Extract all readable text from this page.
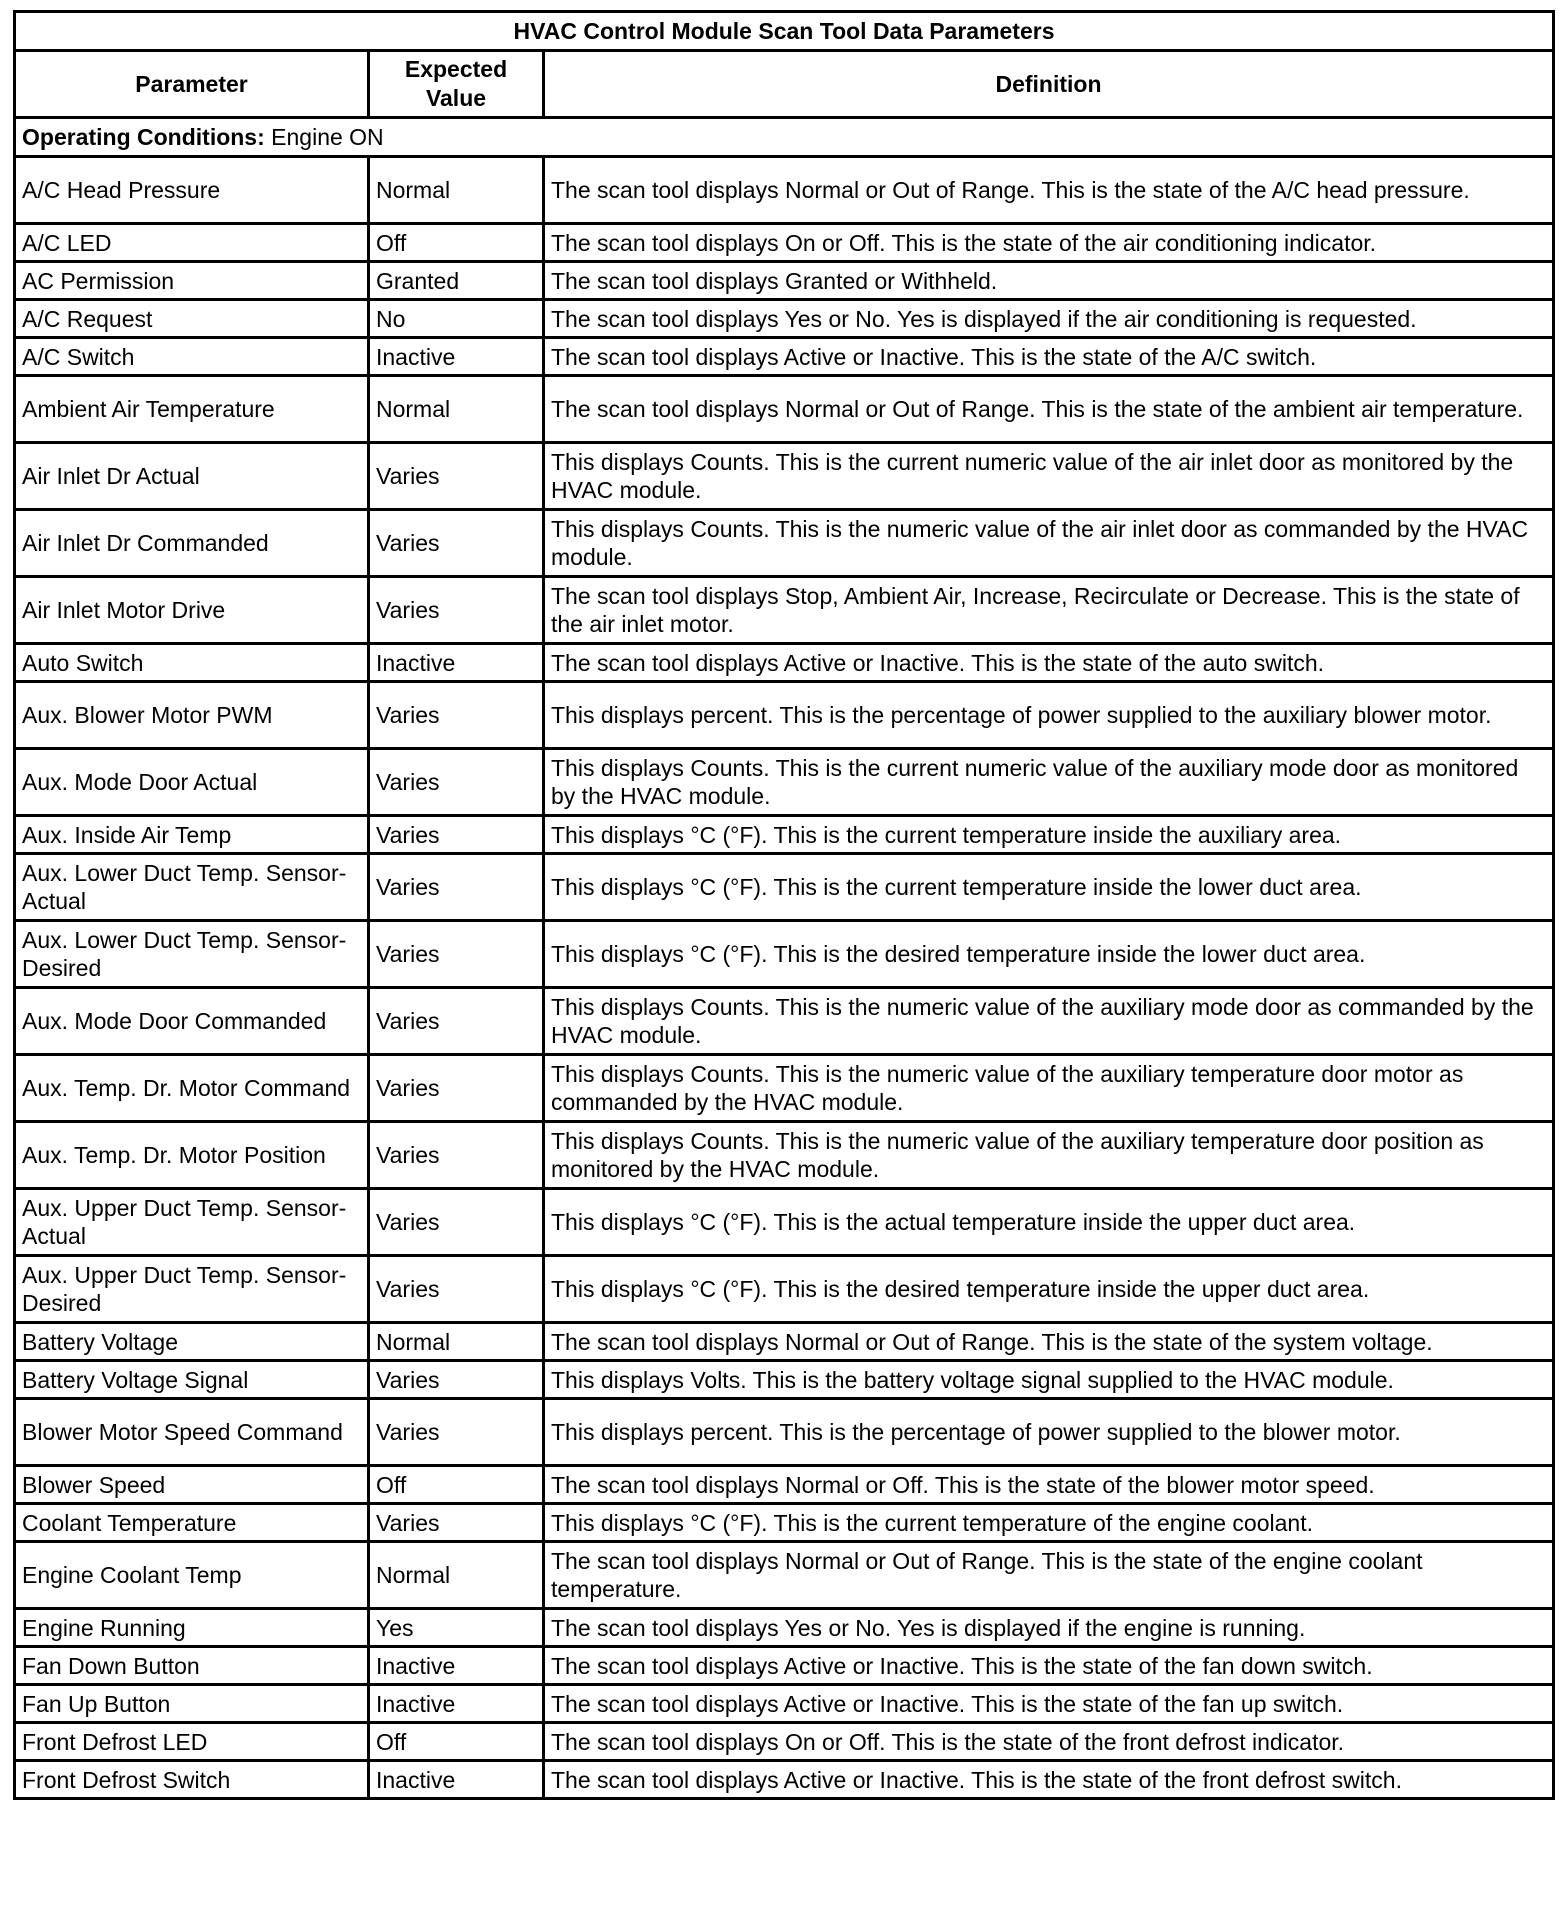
HVAC Control Module Scan Tool Data Parameters		
Parameter	Expected Value	Definition
Operating Conditions: Engine ON		
A/C Head Pressure	Normal	The scan tool displays Normal or Out of Range. This is the state of the A/C head pressure.
A/C LED	Off	The scan tool displays On or Off. This is the state of the air conditioning indicator.
AC Permission	Granted	The scan tool displays Granted or Withheld.
A/C Request	No	The scan tool displays Yes or No. Yes is displayed if the air conditioning is requested.
A/C Switch	Inactive	The scan tool displays Active or Inactive. This is the state of the A/C switch.
Ambient Air Temperature	Normal	The scan tool displays Normal or Out of Range. This is the state of the ambient air temperature.
Air Inlet Dr Actual	Varies	This displays Counts. This is the current numeric value of the air inlet door as monitored by the HVAC module.
Air Inlet Dr Commanded	Varies	This displays Counts. This is the numeric value of the air inlet door as commanded by the HVAC module.
Air Inlet Motor Drive	Varies	The scan tool displays Stop, Ambient Air, Increase, Recirculate or Decrease. This is the state of the air inlet motor.
Auto Switch	Inactive	The scan tool displays Active or Inactive. This is the state of the auto switch.
Aux. Blower Motor PWM	Varies	This displays percent. This is the percentage of power supplied to the auxiliary blower motor.
Aux. Mode Door Actual	Varies	This displays Counts. This is the current numeric value of the auxiliary mode door as monitored by the HVAC module.
Aux. Inside Air Temp	Varies	This displays °C (°F). This is the current temperature inside the auxiliary area.
Aux. Lower Duct Temp. Sensor-Actual	Varies	This displays °C (°F). This is the current temperature inside the lower duct area.
Aux. Lower Duct Temp. Sensor-Desired	Varies	This displays °C (°F). This is the desired temperature inside the lower duct area.
Aux. Mode Door Commanded	Varies	This displays Counts. This is the numeric value of the auxiliary mode door as commanded by the HVAC module.
Aux. Temp. Dr. Motor Command	Varies	This displays Counts. This is the numeric value of the auxiliary temperature door motor as commanded by the HVAC module.
Aux. Temp. Dr. Motor Position	Varies	This displays Counts. This is the numeric value of the auxiliary temperature door position as monitored by the HVAC module.
Aux. Upper Duct Temp. Sensor-Actual	Varies	This displays °C (°F). This is the actual temperature inside the upper duct area.
Aux. Upper Duct Temp. Sensor-Desired	Varies	This displays °C (°F). This is the desired temperature inside the upper duct area.
Battery Voltage	Normal	The scan tool displays Normal or Out of Range. This is the state of the system voltage.
Battery Voltage Signal	Varies	This displays Volts. This is the battery voltage signal supplied to the HVAC module.
Blower Motor Speed Command	Varies	This displays percent. This is the percentage of power supplied to the blower motor.
Blower Speed	Off	The scan tool displays Normal or Off. This is the state of the blower motor speed.
Coolant Temperature	Varies	This displays °C (°F). This is the current temperature of the engine coolant.
Engine Coolant Temp	Normal	The scan tool displays Normal or Out of Range. This is the state of the engine coolant temperature.
Engine Running	Yes	The scan tool displays Yes or No. Yes is displayed if the engine is running.
Fan Down Button	Inactive	The scan tool displays Active or Inactive. This is the state of the fan down switch.
Fan Up Button	Inactive	The scan tool displays Active or Inactive. This is the state of the fan up switch.
Front Defrost LED	Off	The scan tool displays On or Off. This is the state of the front defrost indicator.
Front Defrost Switch	Inactive	The scan tool displays Active or Inactive. This is the state of the front defrost switch.
